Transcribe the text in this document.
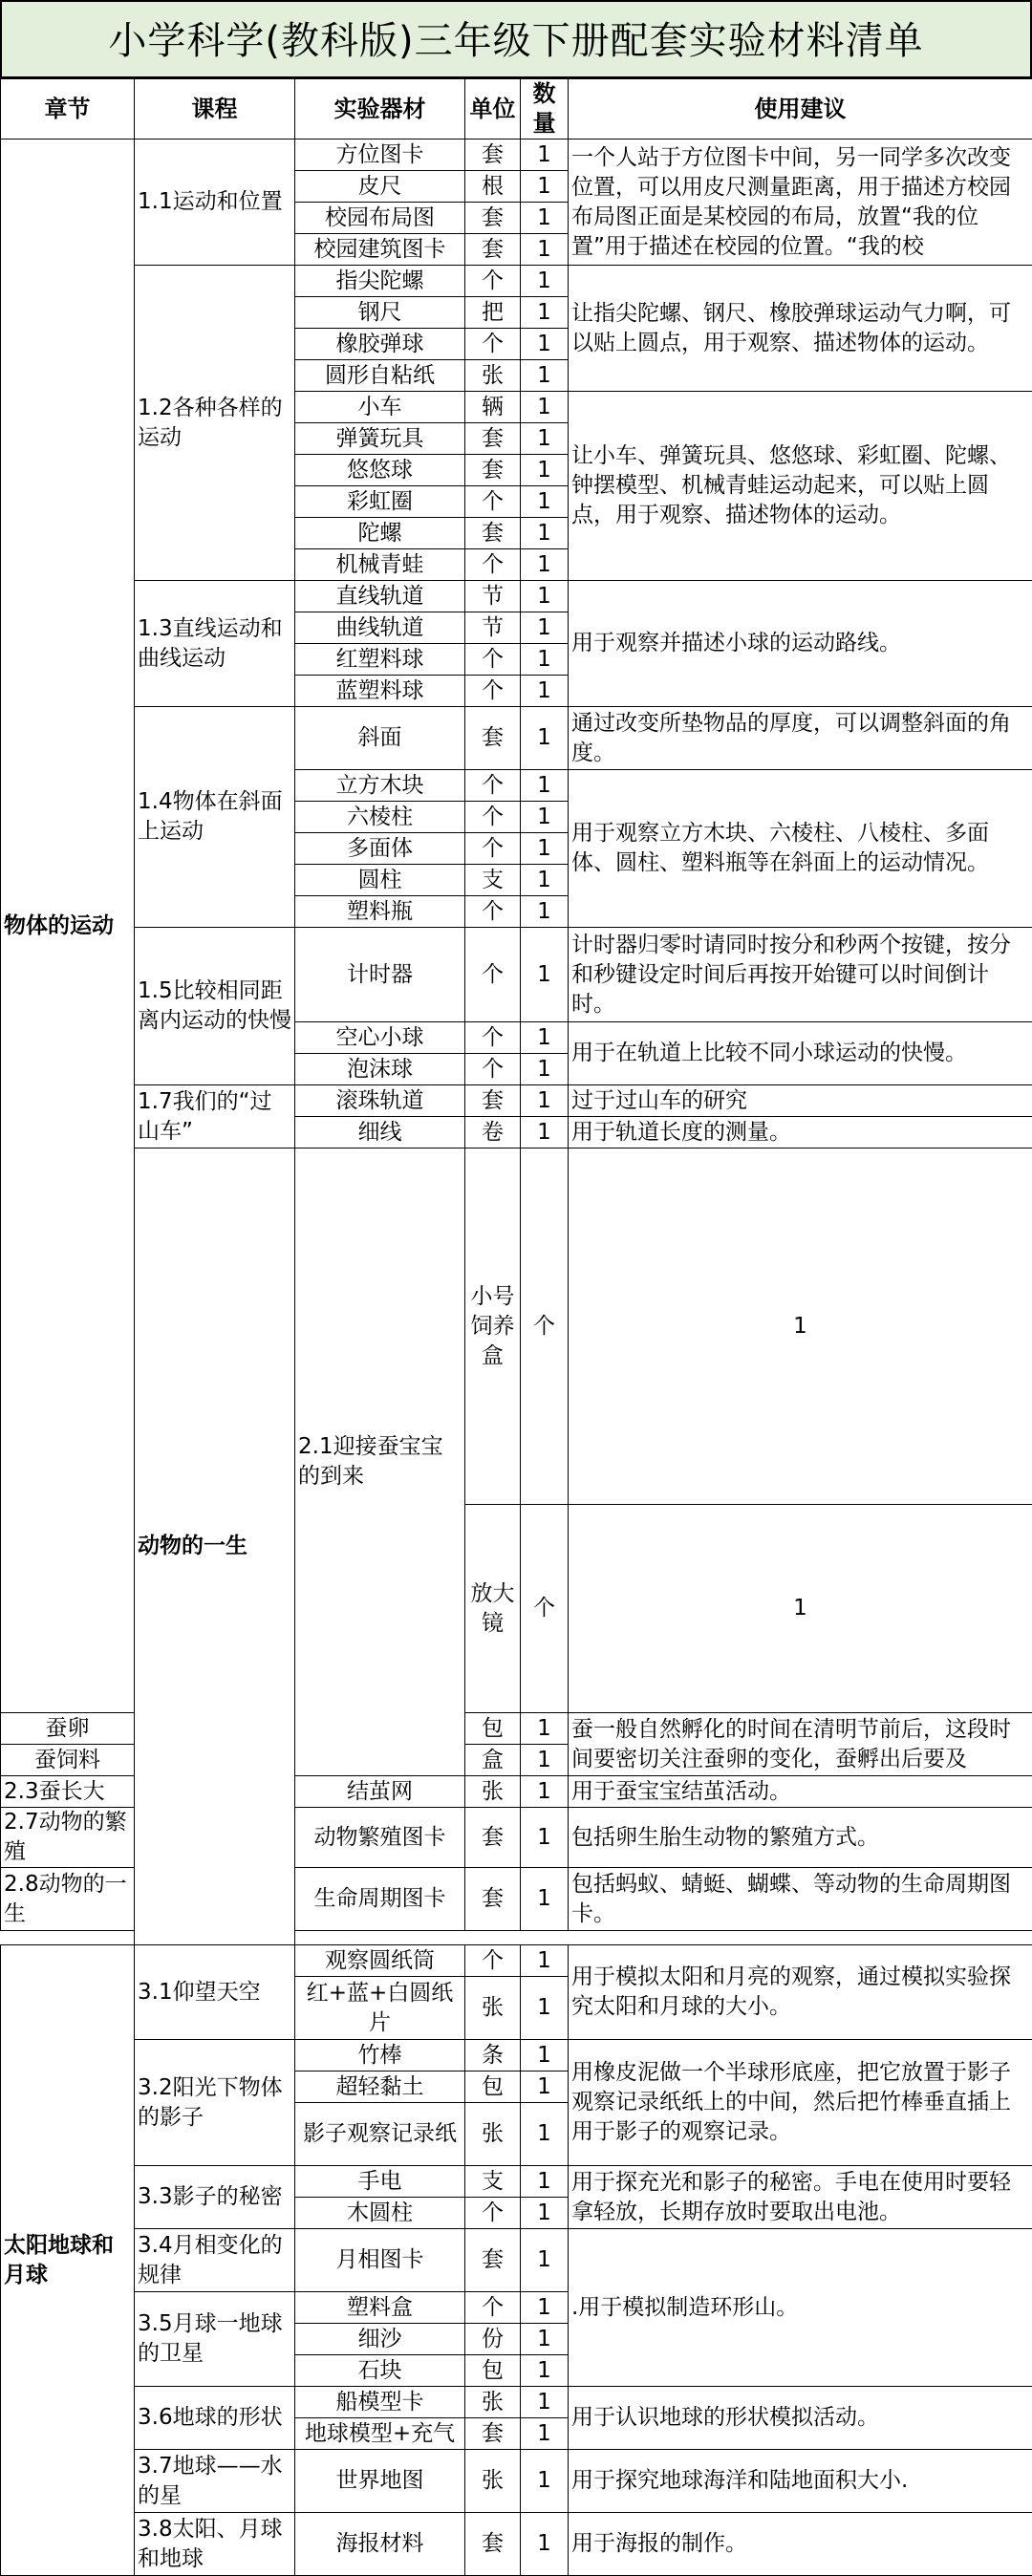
小学科学(教科版)三年级下册配套实验材料清单
章节	课程	实验器材	单位	数量	使用建议	
物体的运动	1.1运动和位置	方位图卡	套	1	一个人站于方位图卡中间，另一同学多次改变位置，可以用皮尺测量距离，用于描述方校园布局图正面是某校园的布局，放置“我的位置”用于描述在校园的位置。“我的校	
		皮尺	根	1		
		校园布局图	套	1		
		校园建筑图卡	套	1		
	1.2各种各样的运动	指尖陀螺	个	1	让指尖陀螺、钢尺、橡胶弹球运动气力啊，可以贴上圆点，用于观察、描述物体的运动。	
		钢尺	把	1		
		橡胶弹球	个	1		
		圆形自粘纸	张	1		
		小车	辆	1	让小车、弹簧玩具、悠悠球、彩虹圈、陀螺、钟摆模型、机械青蛙运动起来，可以贴上圆点，用于观察、描述物体的运动。	
		弹簧玩具	套	1		
		悠悠球	套	1		
		彩虹圈	个	1		
		陀螺	套	1		
		机械青蛙	个	1		
	1.3直线运动和曲线运动	直线轨道	节	1	用于观察并描述小球的运动路线。	
		曲线轨道	节	1		
		红塑料球	个	1		
		蓝塑料球	个	1		
	1.4物体在斜面上运动	斜面	套	1	通过改变所垫物品的厚度，可以调整斜面的角度。	
		立方木块	个	1	用于观察立方木块、六棱柱、八棱柱、多面体、圆柱、塑料瓶等在斜面上的运动情况。	
		六棱柱	个	1		
		多面体	个	1		
		圆柱	支	1		
		塑料瓶	个	1		
	1.5比较相同距离内运动的快慢	计时器	个	1	计时器归零时请同时按分和秒两个按键，按分和秒键设定时间后再按开始键可以时间倒计时。	
		空心小球	个	1	用于在轨道上比较不同小球运动的快慢。	
		泡沫球	个	1		
	1.7我们的“过山车”	滚珠轨道	套	1	过于过山车的研究	
		细线	卷	1	用于轨道长度的测量。	
	动物的一生	2.1迎接蚕宝宝的到来	小号饲养盒	个	1	
			放大镜	个	1	
蚕卵			包	1	蚕一般自然孵化的时间在清明节前后，这段时间要密切关注蚕卵的变化，蚕孵出后要及	
蚕饲料			盒	1		
2.3蚕长大		结茧网	张	1	用于蚕宝宝结茧活动。	
2.7动物的繁殖		动物繁殖图卡	套	1	包括卵生胎生动物的繁殖方式。	
2.8动物的一生		生命周期图卡	套	1	包括蚂蚁、蜻蜓、蝴蝶、等动物的生命周期图卡。	

太阳地球和月球	3.1仰望天空	观察圆纸筒	个	1	用于模拟太阳和月亮的观察，通过模拟实验探究太阳和月球的大小。	
		红+蓝+白圆纸片	张	1		
	3.2阳光下物体的影子	竹棒	条	1	用橡皮泥做一个半球形底座，把它放置于影子观察记录纸纸上的中间，然后把竹棒垂直插上用于影子的观察记录。	
		超轻黏土	包	1		
		影子观察记录纸	张	1		
	3.3影子的秘密	手电	支	1	用于探充光和影子的秘密。手电在使用时要轻拿轻放，长期存放时要取出电池。	
		木圆柱	个	1		
	3.4月相变化的规律	月相图卡	套	1	.用于模拟制造环形山。	
	3.5月球一地球的卫星	塑料盒	个	1		
		细沙	份	1		
		石块	包	1		
	3.6地球的形状	船模型卡	张	1	用于认识地球的形状模拟活动。	
		地球模型+充气	套	1		
	3.7地球——水的星	世界地图	张	1	用于探究地球海洋和陆地面积大小.	
	3.8太阳、月球和地球	海报材料	套	1	用于海报的制作。	
